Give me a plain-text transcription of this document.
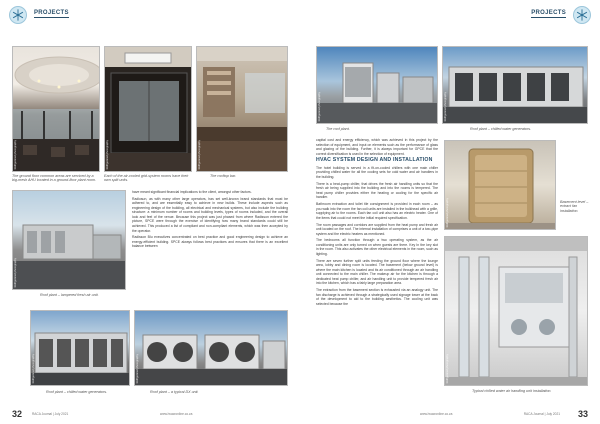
PROJECTS
Refrigerated photography
The ground floor common areas are serviced by a big-mesh AHU located in a ground-floor plant room.
Refrigerated photography
Each of the air-cooled grid-system rooms have their own split units.
Refrigerated photography
The rooftop bar.
Refrigerated photography
Roof plant – lampered fresh air unit.

have meant significant financial implications to the client, amongst other factors.

Radiosun, as with many other large operators, has set well-known brand standards that must be adhered to, and are essentially easy to achieve in new builds. These include aspects such as engineering design of the building, all electrical and mechanical systems, but also include the building structure: a minimum number of rooms and building levels, types of rooms included, and the overall look and feel of the venue. Because this project was just phased from where Radisson entered the picture, SPCE were through the exercise of identifying how many brand standards could still be achieved. This produced a list of compliant and non-compliant elements, which was then accepted by the operator.

Radisson Blu executives concentrated on best practice and good engineering design to achieve an energy-efficient building. SPCE always follows best practices and ensures that there is an excellent balance between

Refrigerated photography
Roof plant – chilled water generators.
Refrigerated photography
Roof plant – a typical DX unit.
32	RACA Journal | July 2021	www.hvacronline.co.za
PROJECTS
Refrigerated photography
The roof plant.
Refrigerated photography
Roof plant – chilled water generators.

capital cost and energy efficiency, which was achieved in this project by the selection of equipment, and input on elements such as the performance of glass and glazing of the building. Further, it is always important for GPCE that the correct diversification is used in the selection of equipment.

HVAC SYSTEM DESIGN AND INSTALLATION

The hotel building is served in a fit-on-cooled chillers with one main chiller providing chilled water for all the cooling sets for cold water and air handlers in the building.

There is a heat-pump chiller, that drives the fresh air handling units so that the fresh air being supplied into the building and into the rooms is tempered. The heat pump chiller provides either the heating or cooling for the specific air handler.

Bathroom extraction and toilet tile consignment is provided in each room – as you walk into the room the fan coil units are installed in the bulkhead with a grille, supplying air to the rooms. Each fan coil unit also has an electric heater. One of the items that could not meet the initial required specification.

The room passages and corridors are supplied from the heat pump and fresh air unit located on the roof. The internal installation of comprises a unit of a two-pipe system and the electric heaters as mentioned.

The bedrooms all function through a two operating system, as the air conditioning units are only turned on when guests are there. Key In the key slot in the room. This also activates the other electrical elements in the room, such as lighting.

There are seven further split units feeding the ground floor where the lounge area, lobby and dining room is located. The basement (below ground level) is where the main kitchen is located and its air conditioned through an air handling unit connected to the main chiller. The makeup air for the kitchen is through a dedicated heat pump chiller, and air handling unit to provide tempered fresh air into the kitchen, which has a fairly large preparation area.

The extraction from the basement section is exhausted via an analogy unit. The fan discharge is achieved through a strategically used signage tower at the back of the development to aid to the building aesthetics. The cooling unit was selected because the

Refrigerated photography	Basement level – extract fan installation.
Refrigerated photography
Typical chilled water air handling unit installation.
www.hvacronline.co.za	RACA Journal | July 2021 33
